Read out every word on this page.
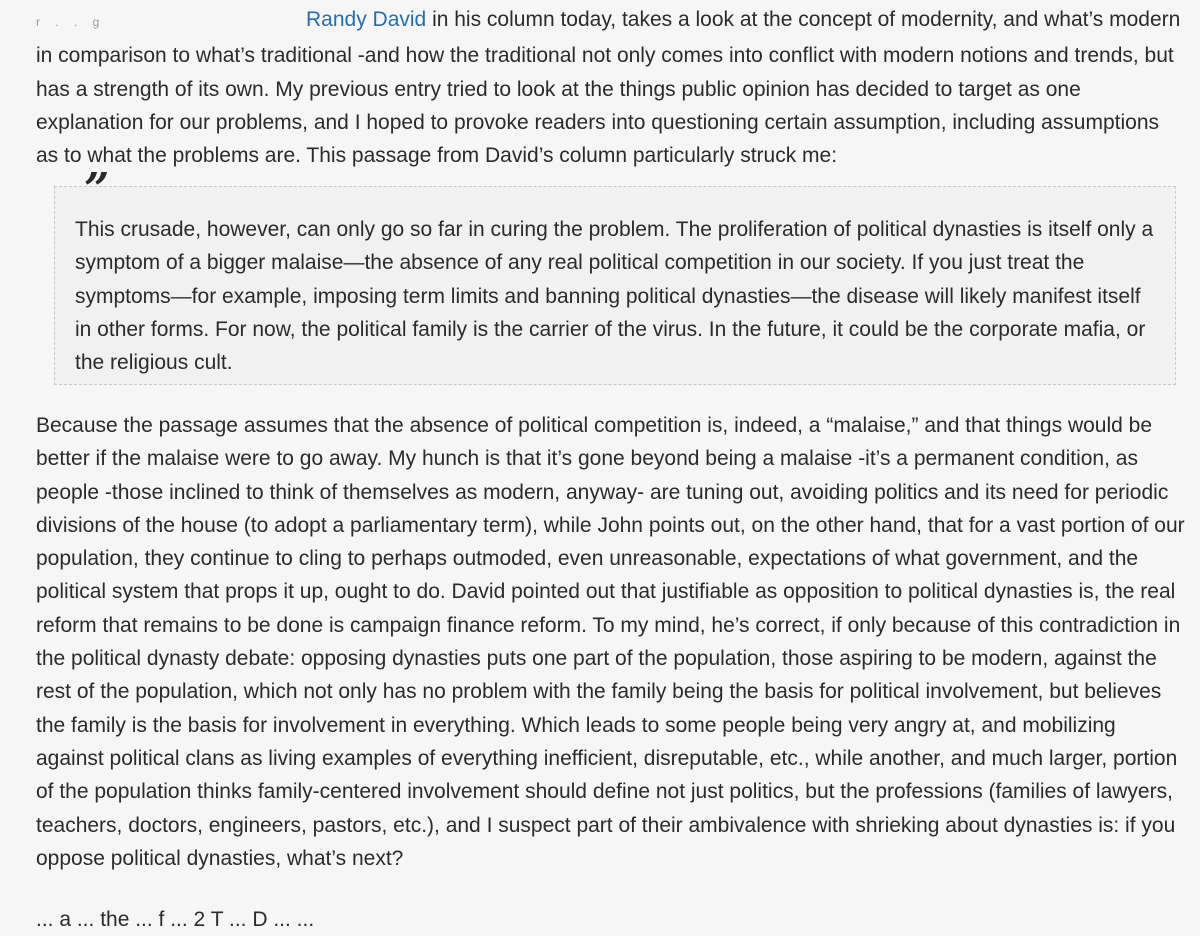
r . . g	Randy David in his column today, takes a look at the concept of modernity, and what’s modern in comparison to what’s traditional -and how the traditional not only comes into conflict with modern notions and trends, but has a strength of its own. My previous entry tried to look at the things public opinion has decided to target as one explanation for our problems, and I hoped to provoke readers into questioning certain assumption, including assumptions as to what the problems are. This passage from David’s column particularly struck me:

This crusade, however, can only go so far in curing the problem. The proliferation of political dynasties is itself only a symptom of a bigger malaise—the absence of any real political competition in our society. If you just treat the symptoms—for example, imposing term limits and banning political dynasties—the disease will likely manifest itself in other forms. For now, the political family is the carrier of the virus. In the future, it could be the corporate mafia, or the religious cult.

Because the passage assumes that the absence of political competition is, indeed, a “malaise,” and that things would be better if the malaise were to go away. My hunch is that it’s gone beyond being a malaise -it’s a permanent condition, as people -those inclined to think of themselves as modern, anyway- are tuning out, avoiding politics and its need for periodic divisions of the house (to adopt a parliamentary term), while John points out, on the other hand, that for a vast portion of our population, they continue to cling to perhaps outmoded, even unreasonable, expectations of what government, and the political system that props it up, ought to do. David pointed out that justifiable as opposition to political dynasties is, the real reform that remains to be done is campaign finance reform. To my mind, he’s correct, if only because of this contradiction in the political dynasty debate: opposing dynasties puts one part of the population, those aspiring to be modern, against the rest of the population, which not only has no problem with the family being the basis for political involvement, but believes the family is the basis for involvement in everything. Which leads to some people being very angry at, and mobilizing against political clans as living examples of everything inefficient, disreputable, etc., while another, and much larger, portion of the population thinks family-centered involvement should define not just politics, but the professions (families of lawyers, teachers, doctors, engineers, pastors, etc.), and I suspect part of their ambivalence with shrieking about dynasties is: if you oppose political dynasties, what’s next?

... a ... the ... f ... 2 T ... D ... ...
